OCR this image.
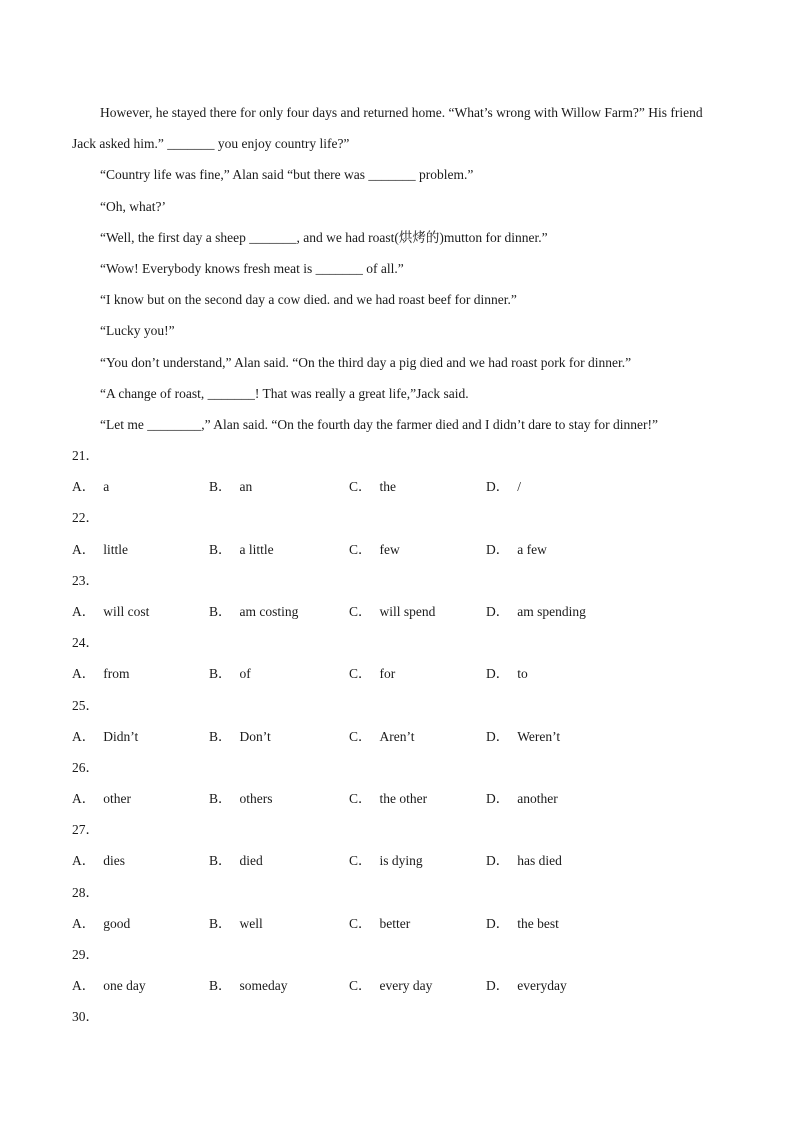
However, he stayed there for only four days and returned home. “What’s wrong with Willow Farm?” His friend Jack asked him.” _______ you enjoy country life?”

“Country life was fine,” Alan said “but there was _______ problem.”

“Oh, what?’

“Well, the first day a sheep _______, and we had roast(烘烤的)mutton for dinner.”

“Wow! Everybody knows fresh meat is _______ of all.”

“I know but on the second day a cow died. and we had roast beef for dinner.”

“Lucky you!”

“You don’t understand,” Alan said. “On the third day a pig died and we had roast pork for dinner.”

“A change of roast, _______! That was really a great life,”Jack said.

“Let me ________,” Alan said. “On the fourth day the farmer died and I didn’t dare to stay for dinner!”

21．
A． a	B． an	C． the	D． /
22．
A． little	B． a little	C． few	D． a few
23．
A． will cost	B． am costing	C． will spend	D． am spending
24．
A． from	B． of	C． for	D． to
25．
A． Didn’t	B． Don’t	C． Aren’t	D． Weren’t
26．
A． other	B． others	C． the other	D． another
27．
A． dies	B． died	C． is dying	D． has died
28．
A． good	B． well	C． better	D． the best
29．
A． one day	B． someday	C． every day	D． everyday
30．
